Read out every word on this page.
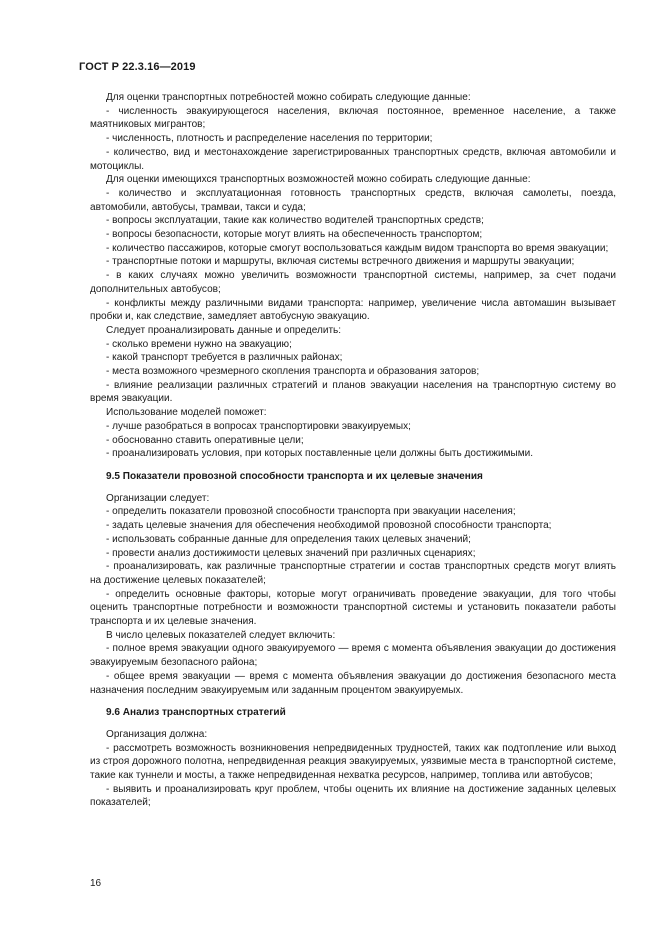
ГОСТ Р 22.3.16—2019

Для оценки транспортных потребностей можно собирать следующие данные:

- численность эвакуирующегося населения, включая постоянное, временное население, а также маятниковых мигрантов;

- численность, плотность и распределение населения по территории;

- количество, вид и местонахождение зарегистрированных транспортных средств, включая автомобили и мотоциклы.

Для оценки имеющихся транспортных возможностей можно собирать следующие данные:

- количество и эксплуатационная готовность транспортных средств, включая самолеты, поезда, автомобили, автобусы, трамваи, такси и суда;

- вопросы эксплуатации, такие как количество водителей транспортных средств;

- вопросы безопасности, которые могут влиять на обеспеченность транспортом;

- количество пассажиров, которые смогут воспользоваться каждым видом транспорта во время эвакуации;

- транспортные потоки и маршруты, включая системы встречного движения и маршруты эвакуации;

- в каких случаях можно увеличить возможности транспортной системы, например, за счет подачи дополнительных автобусов;

- конфликты между различными видами транспорта: например, увеличение числа автомашин вызывает пробки и, как следствие, замедляет автобусную эвакуацию.

Следует проанализировать данные и определить:

- сколько времени нужно на эвакуацию;

- какой транспорт требуется в различных районах;

- места возможного чрезмерного скопления транспорта и образования заторов;

- влияние реализации различных стратегий и планов эвакуации населения на транспортную систему во время эвакуации.

Использование моделей поможет:

- лучше разобраться в вопросах транспортировки эвакуируемых;

- обоснованно ставить оперативные цели;

- проанализировать условия, при которых поставленные цели должны быть достижимыми.

9.5 Показатели провозной способности транспорта и их целевые значения

Организации следует:

- определить показатели провозной способности транспорта при эвакуации населения;

- задать целевые значения для обеспечения необходимой провозной способности транспорта;

- использовать собранные данные для определения таких целевых значений;

- провести анализ достижимости целевых значений при различных сценариях;

- проанализировать, как различные транспортные стратегии и состав транспортных средств могут влиять на достижение целевых показателей;

- определить основные факторы, которые могут ограничивать проведение эвакуации, для того чтобы оценить транспортные потребности и возможности транспортной системы и установить показатели работы транспорта и их целевые значения.

В число целевых показателей следует включить:

- полное время эвакуации одного эвакуируемого — время с момента объявления эвакуации до достижения эвакуируемым безопасного района;

- общее время эвакуации — время с момента объявления эвакуации до достижения безопасного места назначения последним эвакуируемым или заданным процентом эвакуируемых.

9.6 Анализ транспортных стратегий

Организация должна:

- рассмотреть возможность возникновения непредвиденных трудностей, таких как подтопление или выход из строя дорожного полотна, непредвиденная реакция эвакуируемых, уязвимые места в транспортной системе, такие как туннели и мосты, а также непредвиденная нехватка ресурсов, например, топлива или автобусов;

- выявить и проанализировать круг проблем, чтобы оценить их влияние на достижение заданных целевых показателей;

16
